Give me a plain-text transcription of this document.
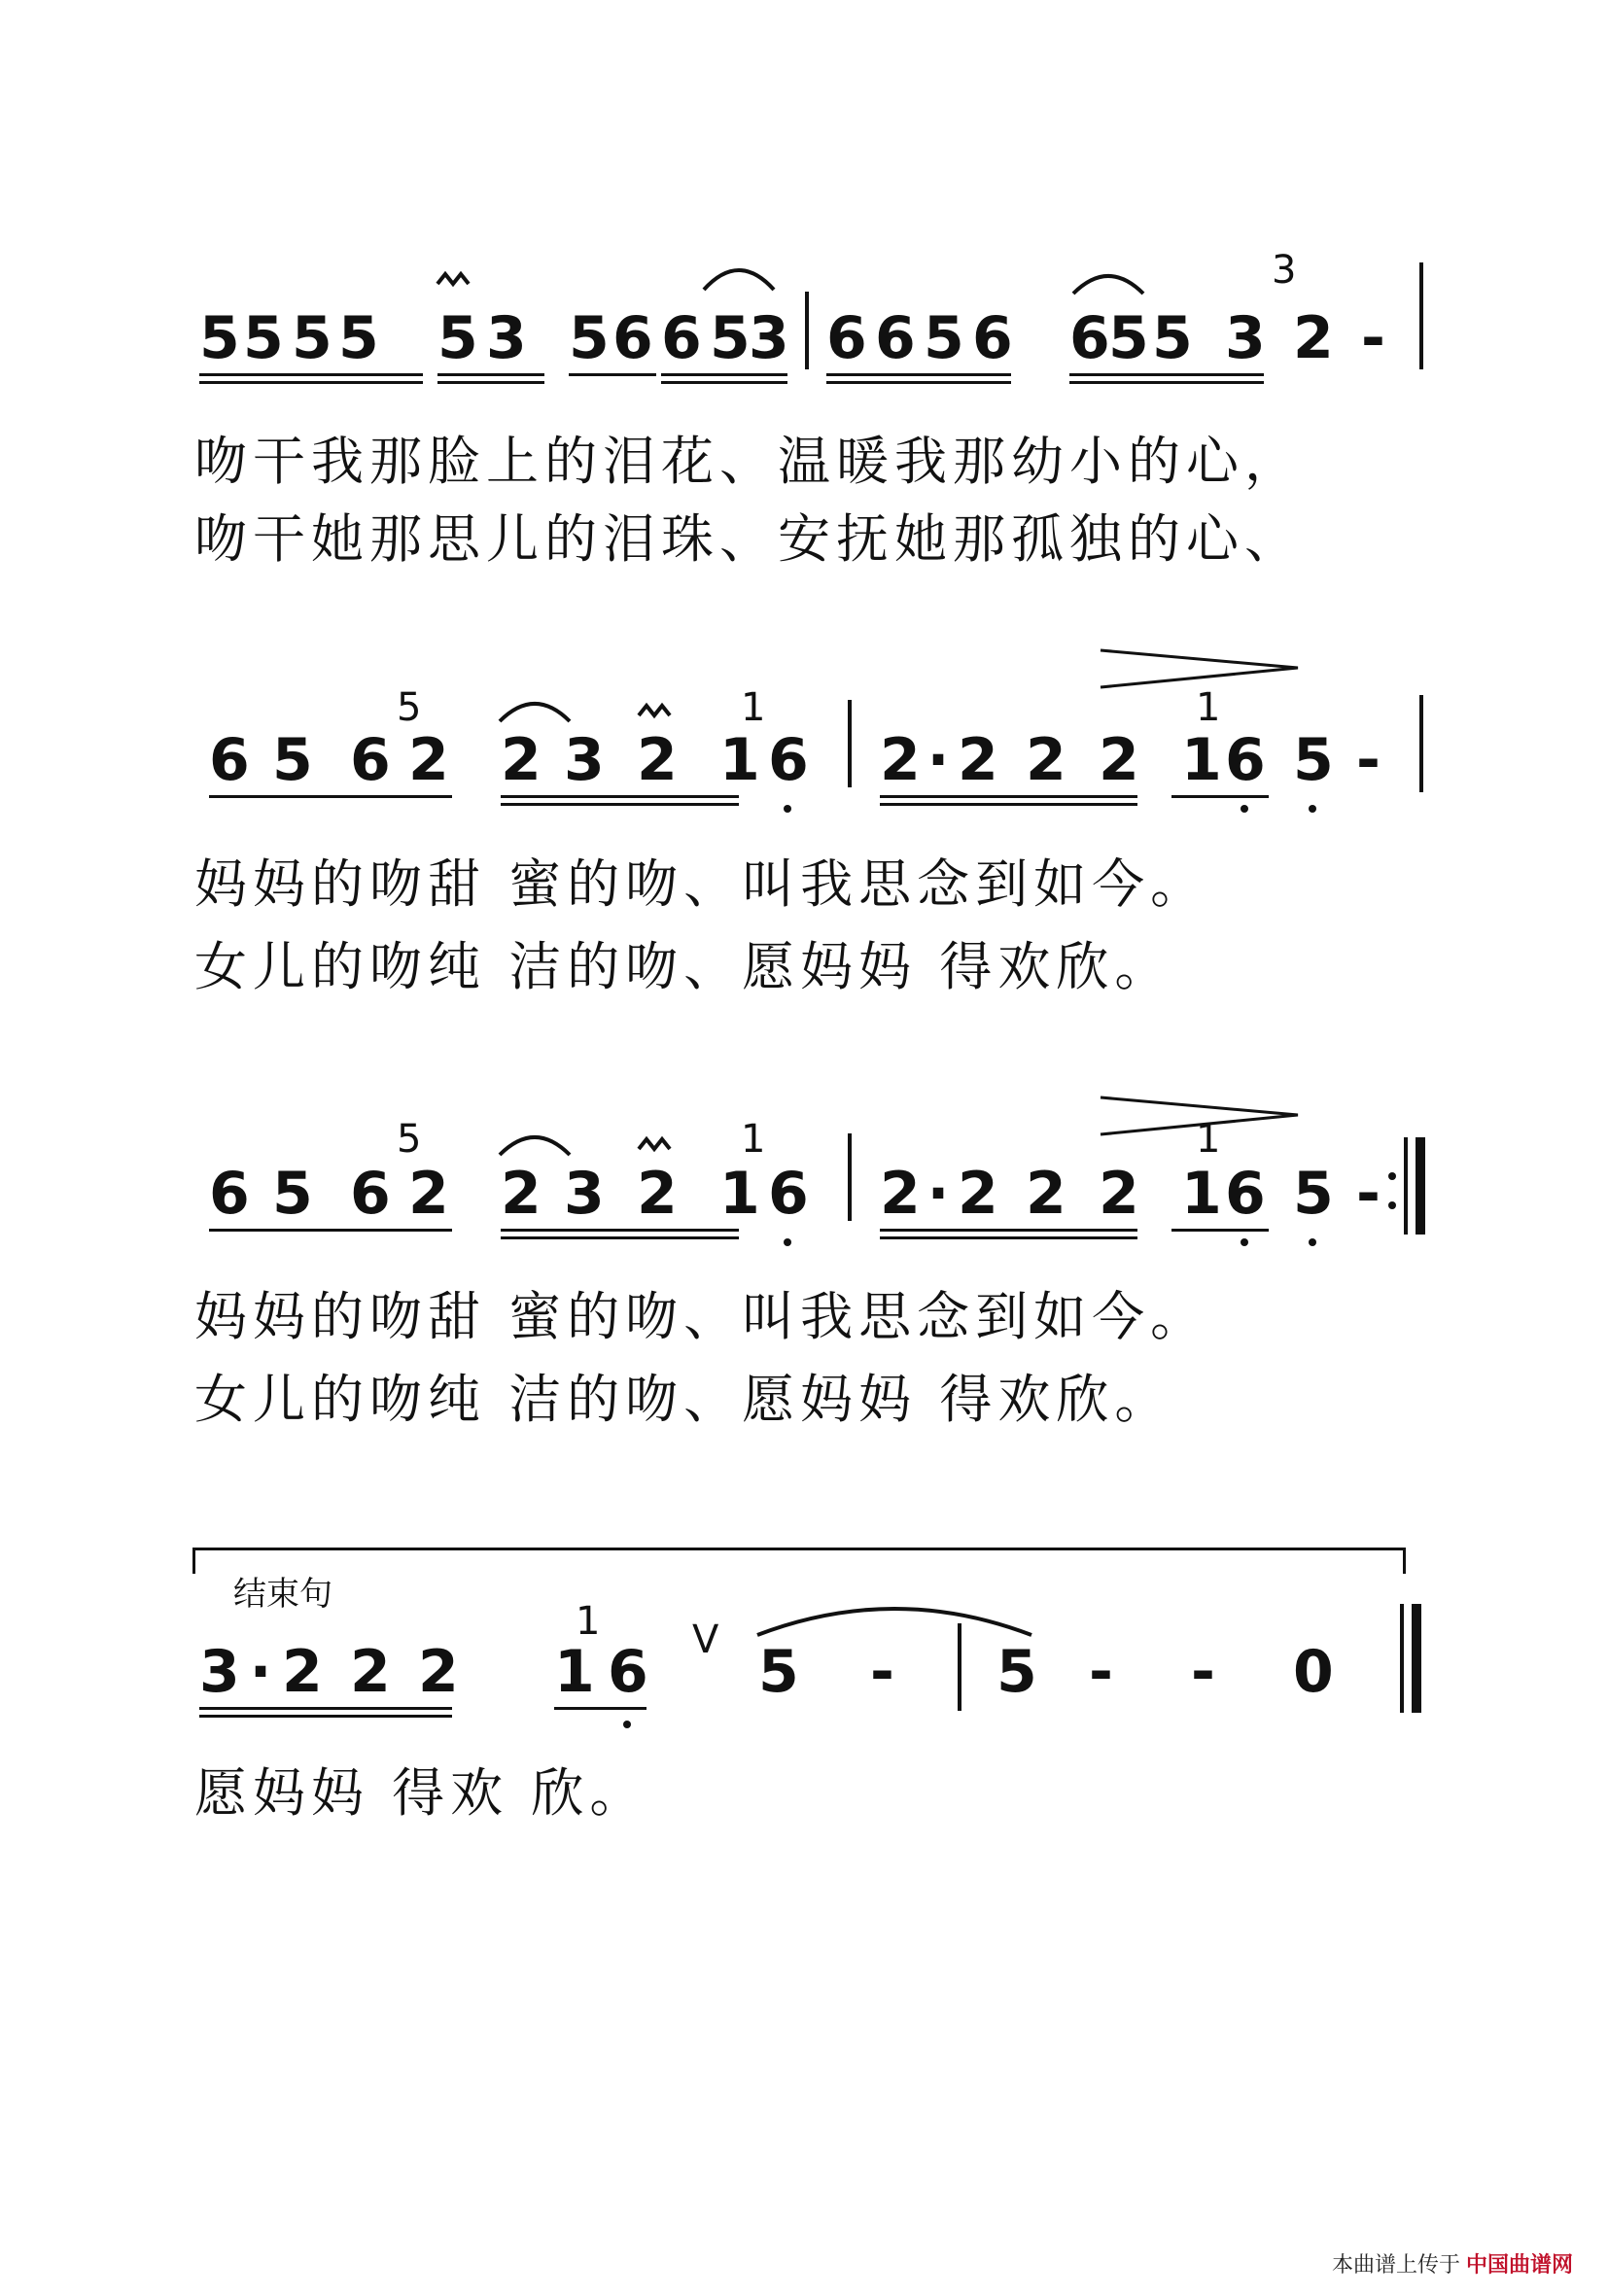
3
5 5 5 5 5 3 5 6 6 5
3 6 6 5 6 6
5 5 3 2 -
吻干我那脸上的泪花、温暖我那幼小的心，
吻干她那思儿的泪珠、安抚她那孤独的心、
5	1	1
6 5 6 2 2 3 2 1 6 2 · 2 2 2 1 6 5 -
妈妈的吻甜 蜜的吻、叫我思念到如今。
女儿的吻纯 洁的吻、愿妈妈 得欢欣。
5	1	1
6 5 6 2 2 3 2 1 6 2 · 2 2 2 1 6 5 -
妈妈的吻甜 蜜的吻、叫我思念到如今。
女儿的吻纯 洁的吻、愿妈妈 得欢欣。
结束句
1
3 · 2 2 2 1 6 V 5 - 5 - - 0
愿妈妈 得欢 欣。
本曲谱上传于 中国曲谱网
